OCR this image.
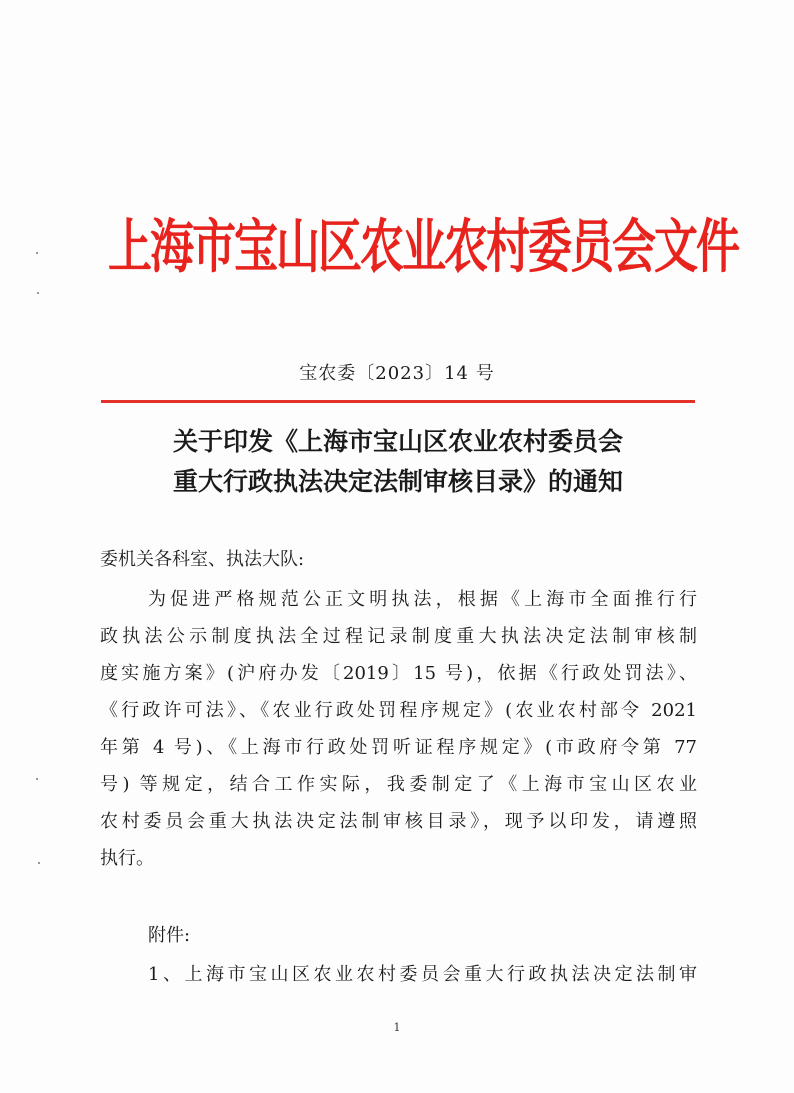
上海市宝山区农业农村委员会文件
宝农委〔2023〕14 号
关于印发《上海市宝山区农业农村委员会
重大行政执法决定法制审核目录》的通知
委机关各科室、执法大队:
为促进严格规范公正文明执法，根据《上海市全面推行行
政执法公示制度执法全过程记录制度重大执法决定法制审核制
度实施方案》(沪府办发〔2019〕15 号)，依据《行政处罚法》、
《行政许可法》、《农业行政处罚程序规定》(农业农村部令 2021
年第 4 号)、《上海市行政处罚听证程序规定》(市政府令第 77
号) 等规定，结合工作实际，我委制定了《上海市宝山区农业
农村委员会重大执法决定法制审核目录》，现予以印发，请遵照
执行。
附件:
1、上海市宝山区农业农村委员会重大行政执法决定法制审
1
